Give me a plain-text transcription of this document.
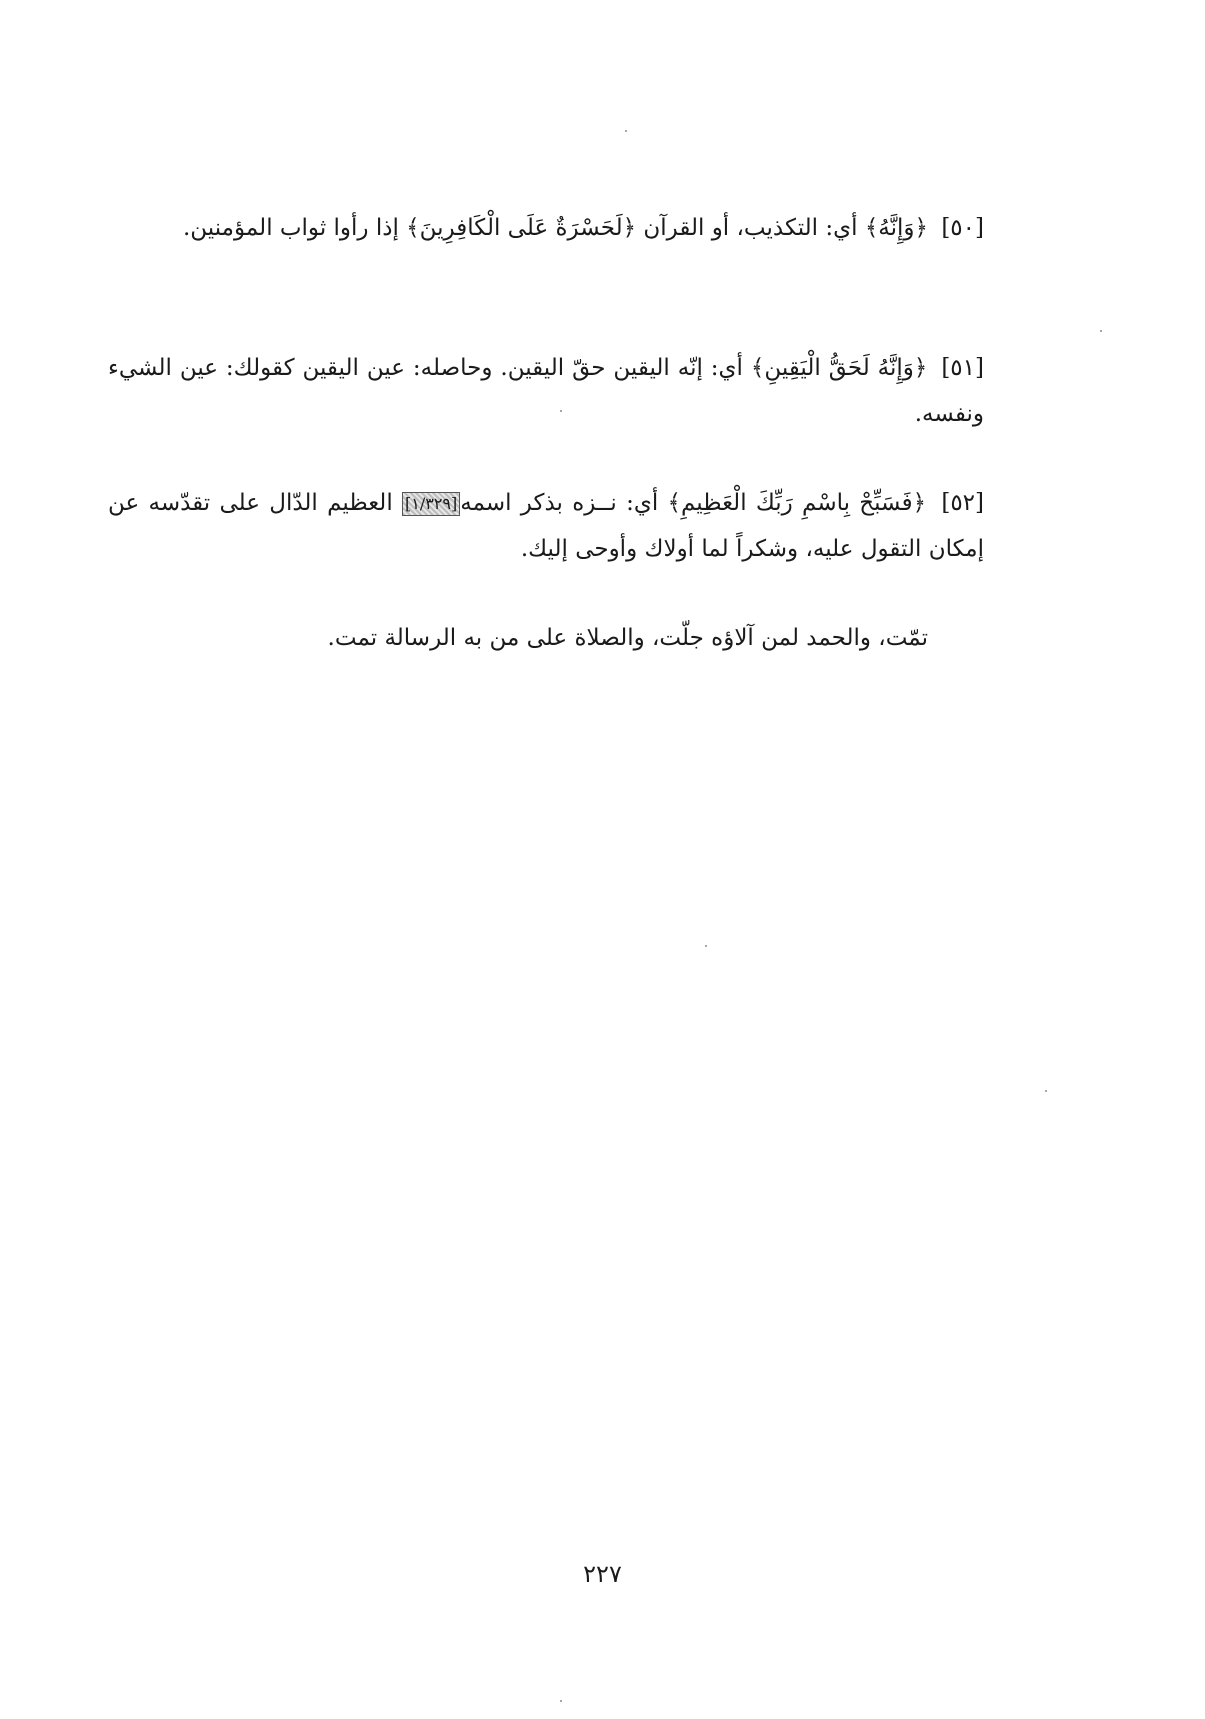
[٥٠] ﴿وَإِنَّهُ﴾ أي: التكذيب، أو القرآن ﴿لَحَسْرَةٌ عَلَى الْكَافِرِينَ﴾ إذا رأوا ثواب المؤمنين.

[٥١] ﴿وَإِنَّهُ لَحَقُّ الْيَقِينِ﴾ أي: إنّه اليقين حقّ اليقين. وحاصله: عين اليقين كقولك: عين الشيء ونفسه.

[٥٢] ﴿فَسَبِّحْ بِاسْمِ رَبِّكَ الْعَظِيمِ﴾ أي: نــزه بذكر اسمه[١/٣٢٩] العظيم الدّال على تقدّسه عن إمكان التقول عليه، وشكراً لما أولاك وأوحى إليك.

تمّت، والحمد لمن آلاؤه جلّت، والصلاة على من به الرسالة تمت.

٢٢٧
